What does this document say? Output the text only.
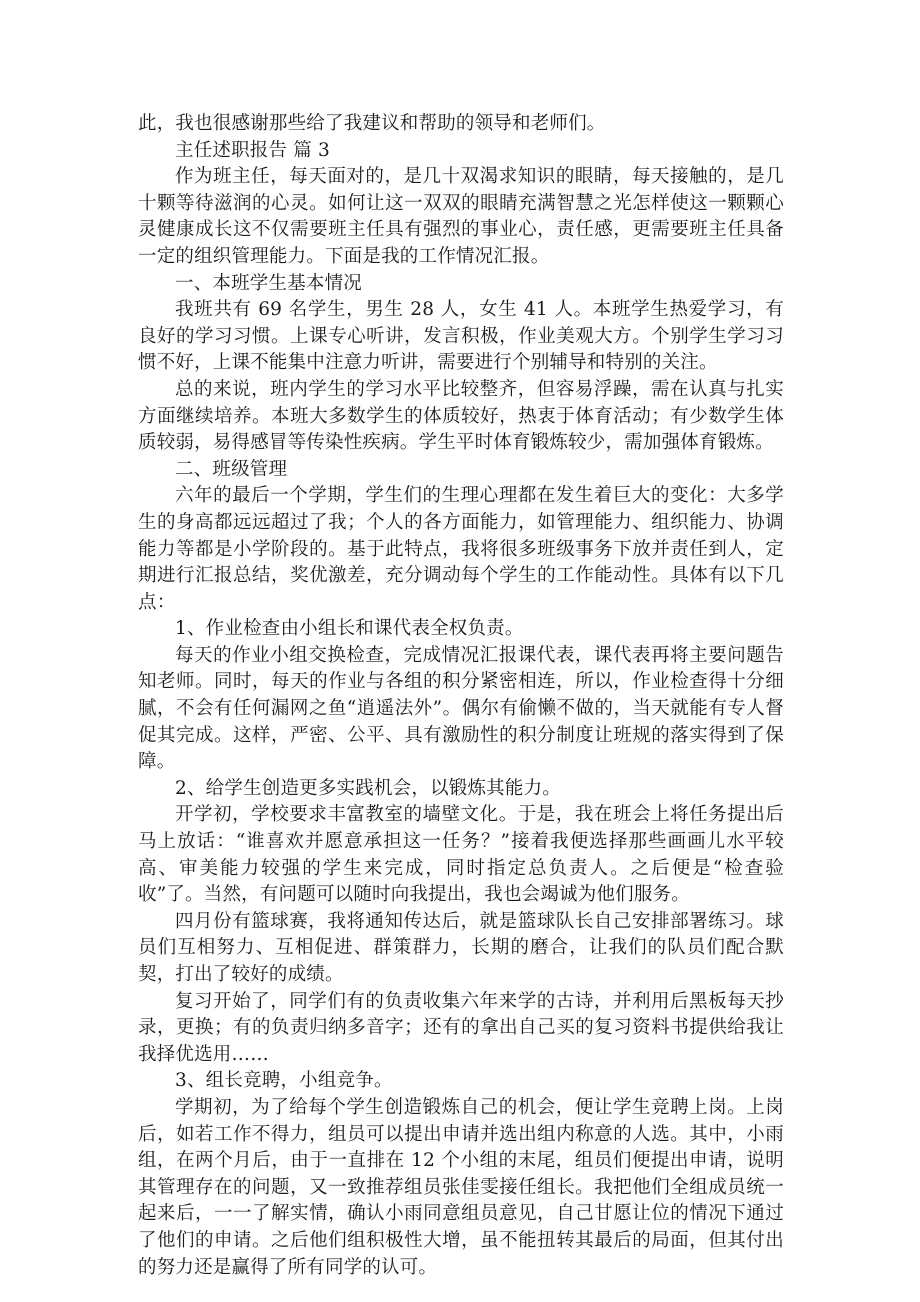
此，我也很感谢那些给了我建议和帮助的领导和老师们。

主任述职报告 篇 3

作为班主任，每天面对的，是几十双渴求知识的眼睛，每天接触的，是几十颗等待滋润的心灵。如何让这一双双的眼睛充满智慧之光怎样使这一颗颗心灵健康成长这不仅需要班主任具有强烈的事业心，责任感，更需要班主任具备一定的组织管理能力。下面是我的工作情况汇报。

一、本班学生基本情况

我班共有 69 名学生，男生 28 人，女生 41 人。本班学生热爱学习，有良好的学习习惯。上课专心听讲，发言积极，作业美观大方。个别学生学习习惯不好，上课不能集中注意力听讲，需要进行个别辅导和特别的关注。

总的来说，班内学生的学习水平比较整齐，但容易浮躁，需在认真与扎实方面继续培养。本班大多数学生的体质较好，热衷于体育活动；有少数学生体质较弱，易得感冒等传染性疾病。学生平时体育锻炼较少，需加强体育锻炼。

二、班级管理

六年的最后一个学期，学生们的生理心理都在发生着巨大的变化：大多学生的身高都远远超过了我；个人的各方面能力，如管理能力、组织能力、协调能力等都是小学阶段的。基于此特点，我将很多班级事务下放并责任到人，定期进行汇报总结，奖优激差，充分调动每个学生的工作能动性。具体有以下几点：

1、作业检查由小组长和课代表全权负责。

每天的作业小组交换检查，完成情况汇报课代表，课代表再将主要问题告知老师。同时，每天的作业与各组的积分紧密相连，所以，作业检查得十分细腻，不会有任何漏网之鱼“逍遥法外”。偶尔有偷懒不做的，当天就能有专人督促其完成。这样，严密、公平、具有激励性的积分制度让班规的落实得到了保障。

2、给学生创造更多实践机会，以锻炼其能力。

开学初，学校要求丰富教室的墙壁文化。于是，我在班会上将任务提出后马上放话：“谁喜欢并愿意承担这一任务？”接着我便选择那些画画儿水平较高、审美能力较强的学生来完成，同时指定总负责人。之后便是“检查验收”了。当然，有问题可以随时向我提出，我也会竭诚为他们服务。

四月份有篮球赛，我将通知传达后，就是篮球队长自己安排部署练习。球员们互相努力、互相促进、群策群力，长期的磨合，让我们的队员们配合默契，打出了较好的成绩。

复习开始了，同学们有的负责收集六年来学的古诗，并利用后黑板每天抄录，更换；有的负责归纳多音字；还有的拿出自己买的复习资料书提供给我让我择优选用……

3、组长竞聘，小组竞争。

学期初，为了给每个学生创造锻炼自己的机会，便让学生竞聘上岗。上岗后，如若工作不得力，组员可以提出申请并选出组内称意的人选。其中，小雨组，在两个月后，由于一直排在 12 个小组的末尾，组员们便提出申请，说明其管理存在的问题，又一致推荐组员张佳雯接任组长。我把他们全组成员统一起来后，一一了解实情，确认小雨同意组员意见，自己甘愿让位的情况下通过了他们的申请。之后他们组积极性大增，虽不能扭转其最后的局面，但其付出的努力还是赢得了所有同学的认可。
